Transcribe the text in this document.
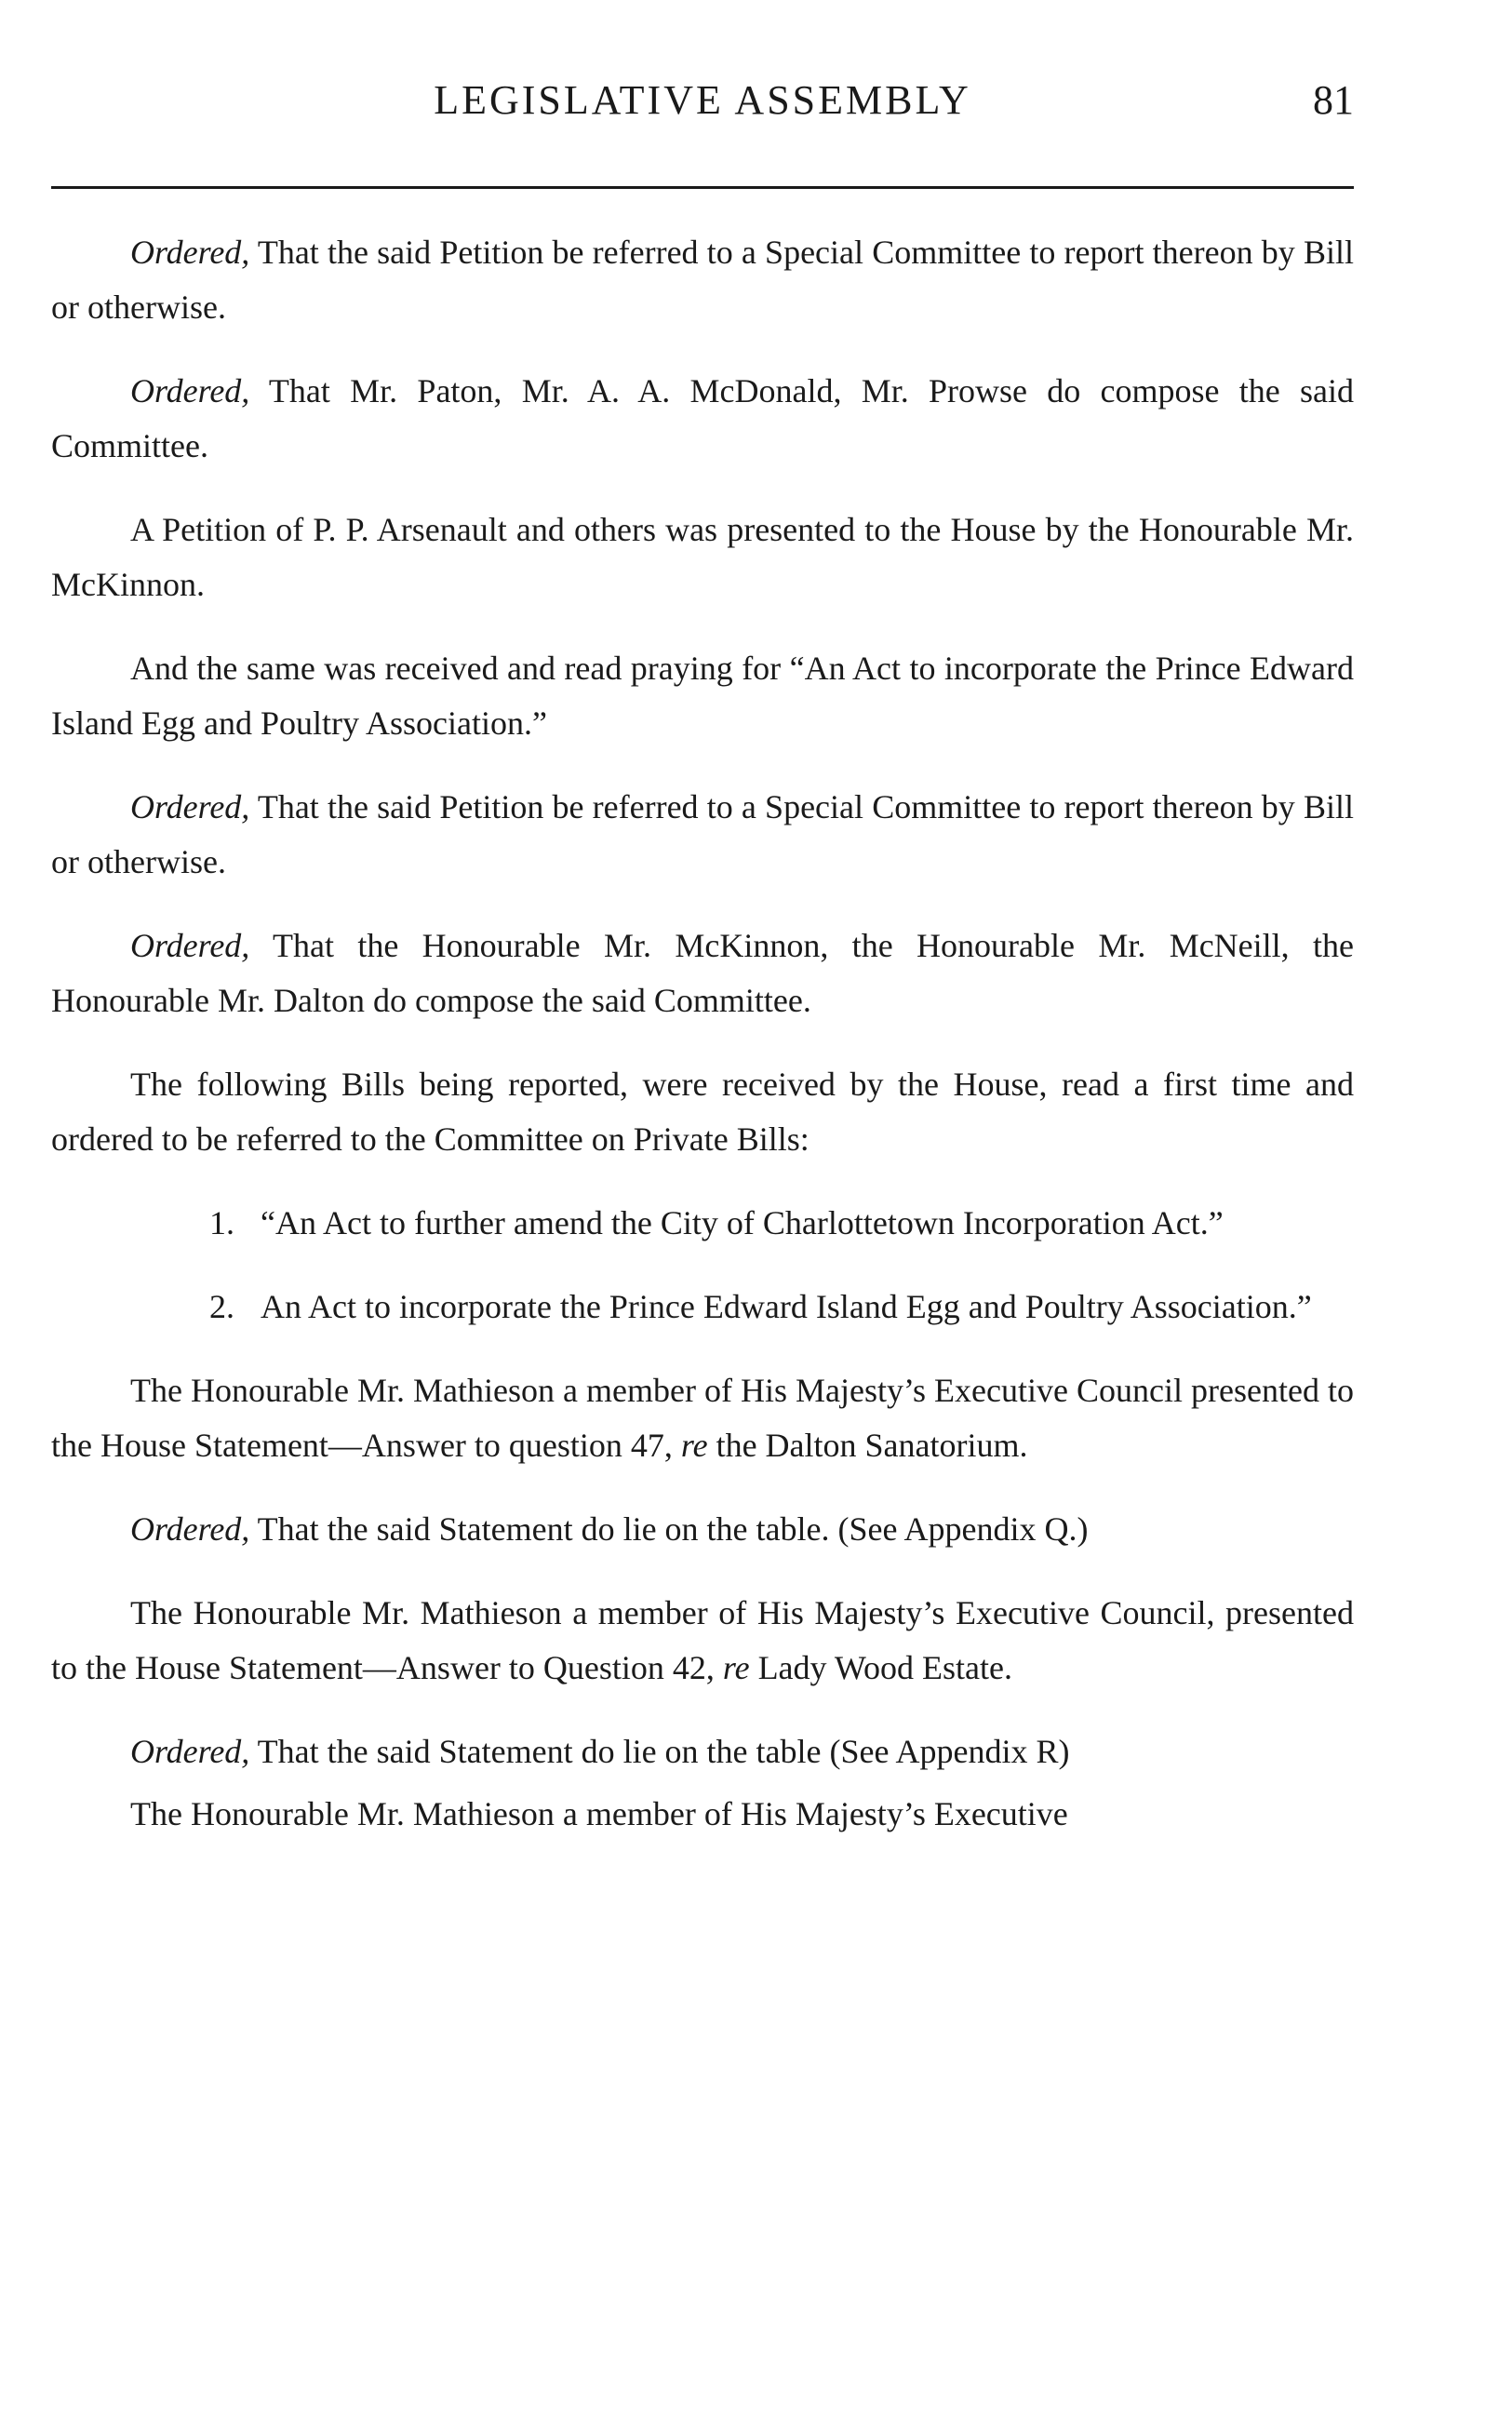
LEGISLATIVE ASSEMBLY	81

Ordered, That the said Petition be referred to a Special Committee to report thereon by Bill or otherwise.

Ordered, That Mr. Paton, Mr. A. A. McDonald, Mr. Prowse do compose the said Committee.

A Petition of P. P. Arsenault and others was presented to the House by the Honourable Mr. McKinnon.

And the same was received and read praying for “An Act to incorporate the Prince Edward Island Egg and Poultry Association.”

Ordered, That the said Petition be referred to a Special Committee to report thereon by Bill or otherwise.

Ordered, That the Honourable Mr. McKinnon, the Honourable Mr. McNeill, the Honourable Mr. Dalton do compose the said Committee.

The following Bills being reported, were received by the House, read a first time and ordered to be referred to the Committee on Private Bills:

1. “An Act to further amend the City of Charlottetown Incorporation Act.”

2. An Act to incorporate the Prince Edward Island Egg and Poultry Association.”

The Honourable Mr. Mathieson a member of His Majesty’s Executive Council presented to the House Statement—Answer to question 47, re the Dalton Sanatorium.

Ordered, That the said Statement do lie on the table. (See Appendix Q.)

The Honourable Mr. Mathieson a member of His Majesty’s Executive Council, presented to the House Statement—Answer to Question 42, re Lady Wood Estate.

Ordered, That the said Statement do lie on the table (See Appendix R)

The Honourable Mr. Mathieson a member of His Majesty’s Executive
